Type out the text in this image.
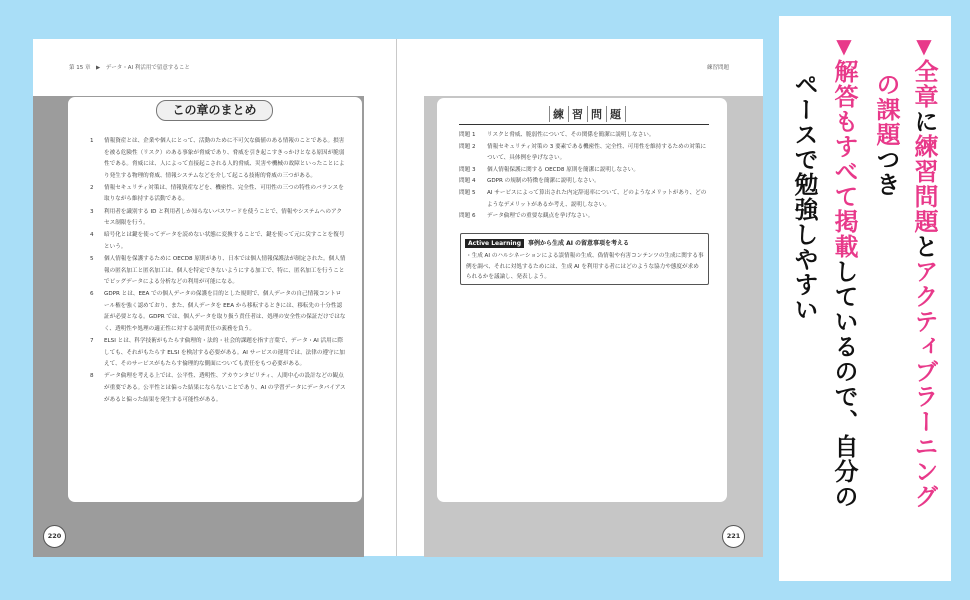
第 15 章　▶　データ・AI 利活用で留意すること
この章のまとめ
1 情報資産とは、企業や個人にとって、活動のために不可欠な価値のある情報のことである。損害を被る危険性（リスク）のある事象が脅威であり、脅威を引き起こすきっかけとなる原因が脆弱性である。脅威には、人によって直接起こされる人的脅威、災害や機械の故障といったことにより発生する物理的脅威、情報システムなどを介して起こる技術的脅威の三つがある。
2 情報セキュリティ対策は、情報資産などを、機密性、完全性、可用性の三つの特性のバランスを取りながら維持する活動である。
3 利用者を識別する ID と利用者しか知らないパスワードを使うことで、情報やシステムへのアクセス制限を行う。
4 暗号化とは鍵を使ってデータを読めない状態に変換することで、鍵を使って元に戻すことを復号という。
5 個人情報を保護するために OECD8 原則があり、日本では個人情報保護法が制定された。個人情報の匿名加工と匿名加工は、個人を特定できないようにする加工で、特に、匿名加工を行うことでビッグデータによる分析などの利用が可能になる。
6 GDPR とは、EEA での個人データの保護を目的とした規則で、個人データの自己情報コントロール権を強く認めており、また、個人データを EEA から移転するときには、移転先の十分性認証が必要となる。GDPR では、個人データを取り扱う責任者は、処理の安全性の保証だけではなく、透明性や処理の適正性に対する説明責任の義務を負う。
7 ELSI とは、科学技術がもたらす倫理的・法的・社会的課題を指す言葉で、データ・AI 活用に際しても、それがもたらす ELSI を検討する必要がある。AI サービスの運用では、法律の遵守に加えて、そのサービスがもたらす倫理的な側面についても責任をもつ必要がある。
8 データ倫理を考える上では、公平性、透明性、アカウンタビリティ、人間中心の設計などの観点が重要である。公平性とは偏った結果にならないことであり、AI の学習データにデータバイアスがあると偏った結果を発生する可能性がある。
220
練習問題
練 習 問 題
問題 1 リスクと脅威、脆弱性について、その関係を簡潔に説明しなさい。
問題 2 情報セキュリティ対策の 3 要素である機密性、完全性、可用性を維持するための対策について、具体例を挙げなさい。
問題 3 個人情報保護に関する OECD8 原則を簡潔に説明しなさい。
問題 4 GDPR の規制の特徴を簡潔に説明しなさい。
問題 5 AI サービスによって算出された内定辞退率について、どのようなメリットがあり、どのようなデメリットがあるか考え、説明しなさい。
問題 6 データ倫理での重要な観点を挙げなさい。
Active Learning 事例から生成 AI の留意事項を考える
・生成 AI のハルシネーションによる誤情報の生成、偽情報や有害コンテンツの生成に関する事例を調べ、それに対処するためには、生成 AI を利用する者にはどのような協力や態度が求められるかを議論し、発表しよう。
221
▼全章に練習問題とアクティブラーニング
の課題つき
▼解答もすべて掲載しているので、自分の
ペースで勉強しやすい
